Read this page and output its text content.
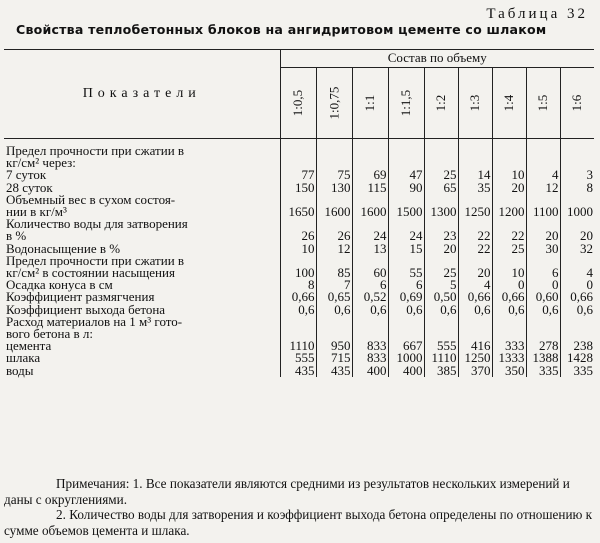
Таблица 32
Свойства теплобетонных блоков на ангидритовом цементе со шлаком
Показатели	Состав по объему								
	1:0,5	1:0,75	1:1	1:1,5	1:2	1:3	1:4	1:5	1:6

Предел прочности при сжатии в									
кг/см² через:									
7 суток	77	75	69	47	25	14	10	4	3
28 суток	150	130	115	90	65	35	20	12	8
Объемный вес в сухом состоя-									
нии в кг/м³	1650	1600	1600	1500	1300	1250	1200	1100	1000
Количество воды для затворения									
в %	26	26	24	24	23	22	22	20	20
Водонасыщение в %	10	12	13	15	20	22	25	30	32
Предел прочности при сжатии в									
кг/см² в состоянии насыщения	100	85	60	55	25	20	10	6	4
Осадка конуса в см	8	7	6	6	5	4	0	0	0
Коэффициент размягчения	0,66	0,65	0,52	0,69	0,50	0,66	0,66	0,60	0,66
Коэффициент выхода бетона	0,6	0,6	0,6	0,6	0,6	0,6	0,6	0,6	0,6
Расход материалов на 1 м³ гото-									
вого бетона в л:									
цемента	1110	950	833	667	555	416	333	278	238
шлака	555	715	833	1000	1110	1250	1333	1388	1428
воды	435	435	400	400	385	370	350	335	335

Примечания: 1. Все показатели являются средними из результатов нескольких измерений и даны с округлениями.

2. Количество воды для затворения и коэффициент выхода бетона определены по отношению к сумме объемов цемента и шлака.
